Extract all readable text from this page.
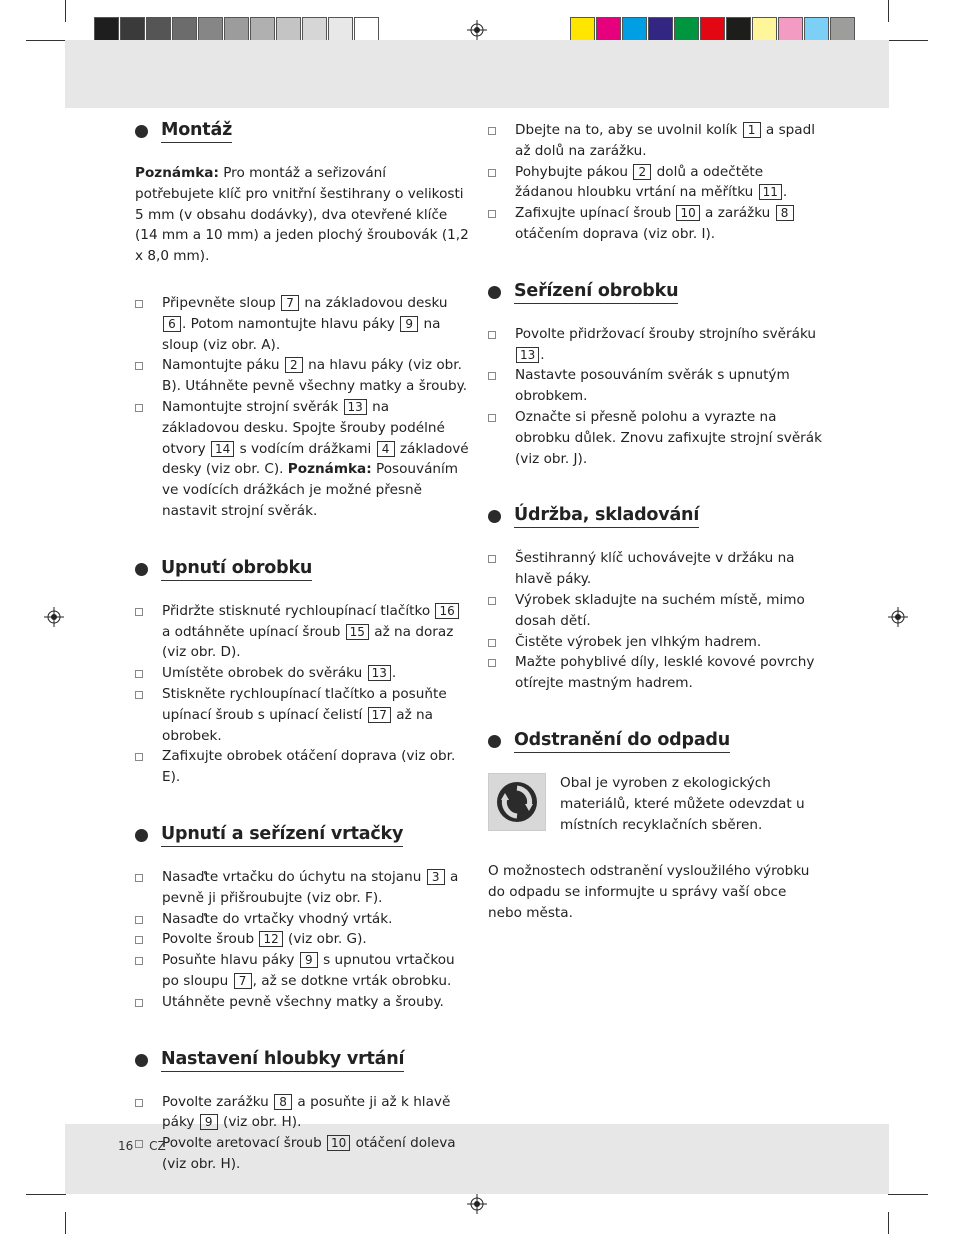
Montáž

Poznámka: Pro montáž a seřizování potřebujete klíč pro vnitřní šestihrany o velikosti 5 mm (v obsahu dodávky), dva otevřené klíče (14 mm a 10 mm) a jeden plochý šroubovák (1,2 x 8,0 mm).

Připevněte sloup 7 na základovou desku 6 . Potom namontujte hlavu páky 9 na sloup (viz obr. A).
Namontujte páku 2 na hlavu páky (viz obr. B). Utáhněte pevně všechny matky a šrouby.
Namontujte strojní svěrák 13 na základovou desku. Spojte šrouby podélné otvory 14 s vodícím drážkami 4 základové desky (viz obr. C). Poznámka: Posouváním ve vodících drážkách je možné přesně nastavit strojní svěrák.
Upnutí obrobku
Přidržte stisknuté rychloupínací tlačítko 16 a odtáhněte upínací šroub 15 až na doraz (viz obr. D).
Umístěte obrobek do svěráku 13 .
Stiskněte rychloupínací tlačítko a posuňte upínací šroub s upínací čelistí 17 až na obrobek.
Zafixujte obrobek otáčení doprava (viz obr. E).
Upnutí a seřízení vrtačky
Nasaďte vrtačku do úchytu na stojanu 3 a pevně ji přišroubujte (viz obr. F).
Nasaďte do vrtačky vhodný vrták.
Povolte šroub 12 (viz obr. G).
Posuňte hlavu páky 9 s upnutou vrtačkou po sloupu 7 , až se dotkne vrták obrobku.
Utáhněte pevně všechny matky a šrouby.
Nastavení hloubky vrtání
Povolte zarážku 8 a posuňte ji až k hlavě páky 9 (viz obr. H).
Povolte aretovací šroub 10 otáčení doleva (viz obr. H).
Dbejte na to, aby se uvolnil kolík 1 a spadl až dolů na zarážku.
Pohybujte pákou 2 dolů a odečtěte žádanou hloubku vrtání na měřítku 11 .
Zafixujte upínací šroub 10 a zarážku 8 otáčením doprava (viz obr. I).
Seřízení obrobku
Povolte přidržovací šrouby strojního svěráku 13 .
Nastavte posouváním svěrák s upnutým obrobkem.
Označte si přesně polohu a vyrazte na obrobku důlek. Znovu zafixujte strojní svěrák (viz obr. J).
Údržba, skladování
Šestihranný klíč uchovávejte v držáku na hlavě páky.
Výrobek skladujte na suchém místě, mimo dosah dětí.
Čistěte výrobek jen vlhkým hadrem.
Mažte pohyblivé díly, lesklé kovové povrchy otírejte mastným hadrem.
Odstranění do odpadu

Obal je vyroben z ekologických materiálů, které můžete odevzdat u místních recyklačních sběren.

O možnostech odstranění vysloužilého výrobku do odpadu se informujte u správy vaší obce nebo města.

16 CZ
